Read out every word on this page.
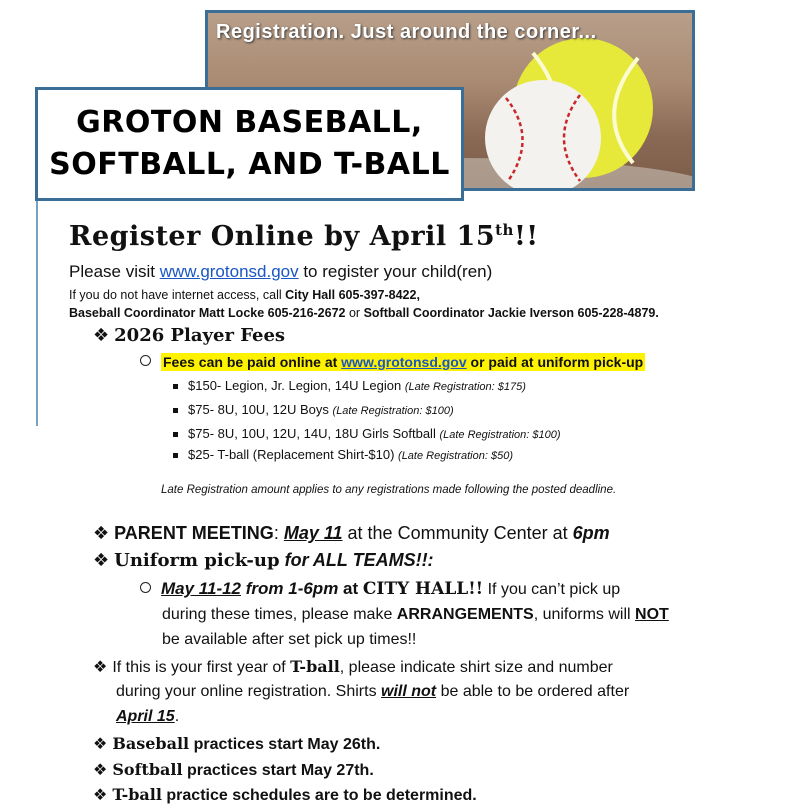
Registration. Just around the corner...
GROTON BASEBALL,
SOFTBALL, AND T-BALL
Register Online by April 15th!!
Please visit www.grotonsd.gov to register your child(ren)
If you do not have internet access, call City Hall 605-397-8422,
Baseball Coordinator Matt Locke 605-216-2672 or Softball Coordinator Jackie Iverson 605-228-4879.
❖ 2026 Player Fees
Fees can be paid online at www.grotonsd.gov or paid at uniform pick-up
$150- Legion, Jr. Legion, 14U Legion (Late Registration: $175)
$75- 8U, 10U, 12U Boys (Late Registration: $100)
$75- 8U, 10U, 12U, 14U, 18U Girls Softball (Late Registration: $100)
$25- T-ball (Replacement Shirt-$10) (Late Registration: $50)
Late Registration amount applies to any registrations made following the posted deadline.
❖ PARENT MEETING: May 11 at the Community Center at 6pm
❖ Uniform pick-up for ALL TEAMS!!:
May 11-12 from 1-6pm at CITY HALL!! If you can’t pick up
during these times, please make ARRANGEMENTS, uniforms will NOT
be available after set pick up times!!
❖ If this is your first year of T-ball, please indicate shirt size and number
during your online registration. Shirts will not be able to be ordered after
April 15.
❖ Baseball practices start May 26th.
❖ Softball practices start May 27th.
❖ T-ball practice schedules are to be determined.
